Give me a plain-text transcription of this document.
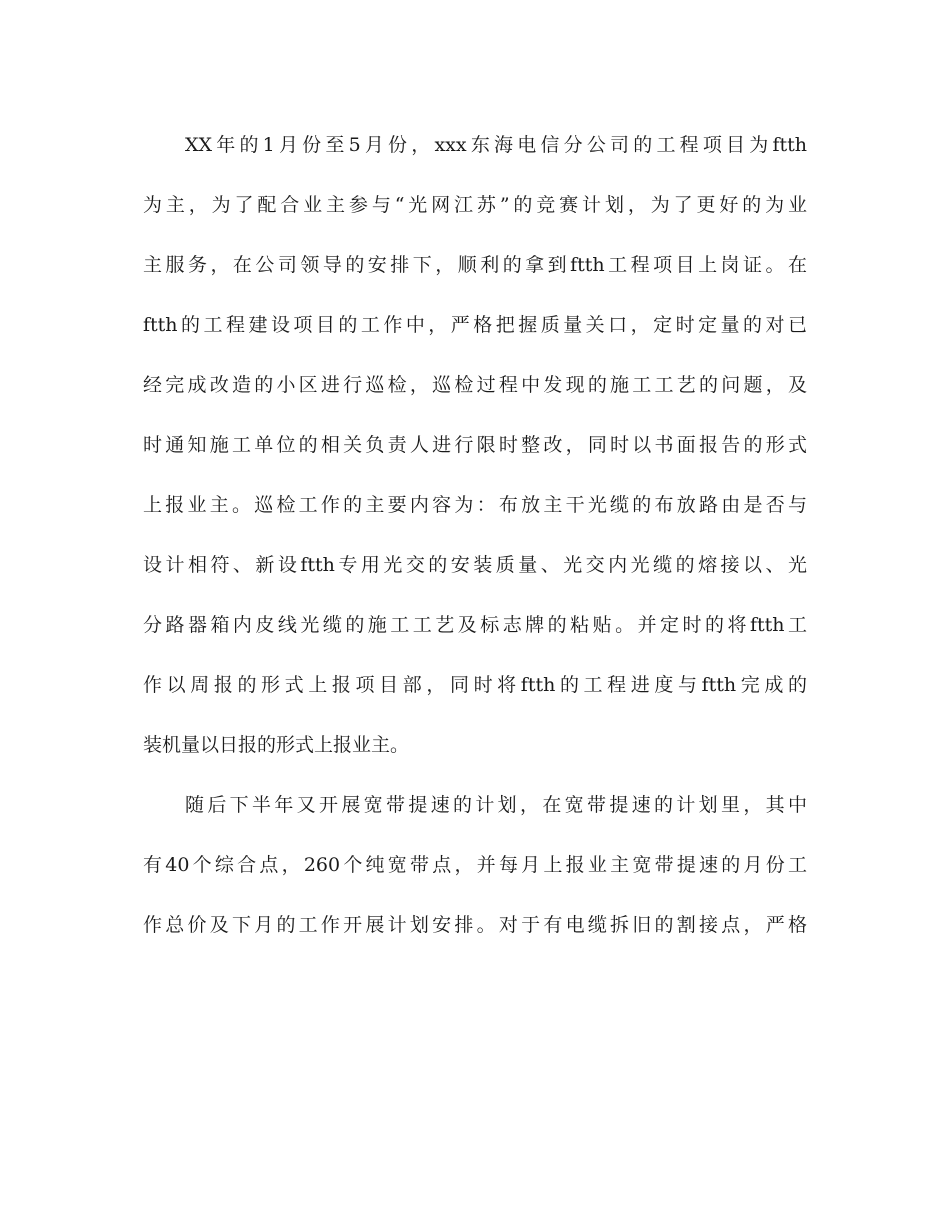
XX年的1月份至5月份，xxx东海电信分公司的工程项目为ftth
为主，为了配合业主参与“光网江苏”的竞赛计划，为了更好的为业
主服务，在公司领导的安排下，顺利的拿到ftth工程项目上岗证。在
ftth的工程建设项目的工作中，严格把握质量关口，定时定量的对已
经完成改造的小区进行巡检，巡检过程中发现的施工工艺的问题，及
时通知施工单位的相关负责人进行限时整改，同时以书面报告的形式
上报业主。巡检工作的主要内容为：布放主干光缆的布放路由是否与
设计相符、新设ftth专用光交的安装质量、光交内光缆的熔接以、光
分路器箱内皮线光缆的施工工艺及标志牌的粘贴。并定时的将ftth工
作以周报的形式上报项目部，同时将ftth的工程进度与ftth完成的
装机量以日报的形式上报业主。
随后下半年又开展宽带提速的计划，在宽带提速的计划里，其中
有40个综合点，260个纯宽带点，并每月上报业主宽带提速的月份工
作总价及下月的工作开展计划安排。对于有电缆拆旧的割接点，严格
